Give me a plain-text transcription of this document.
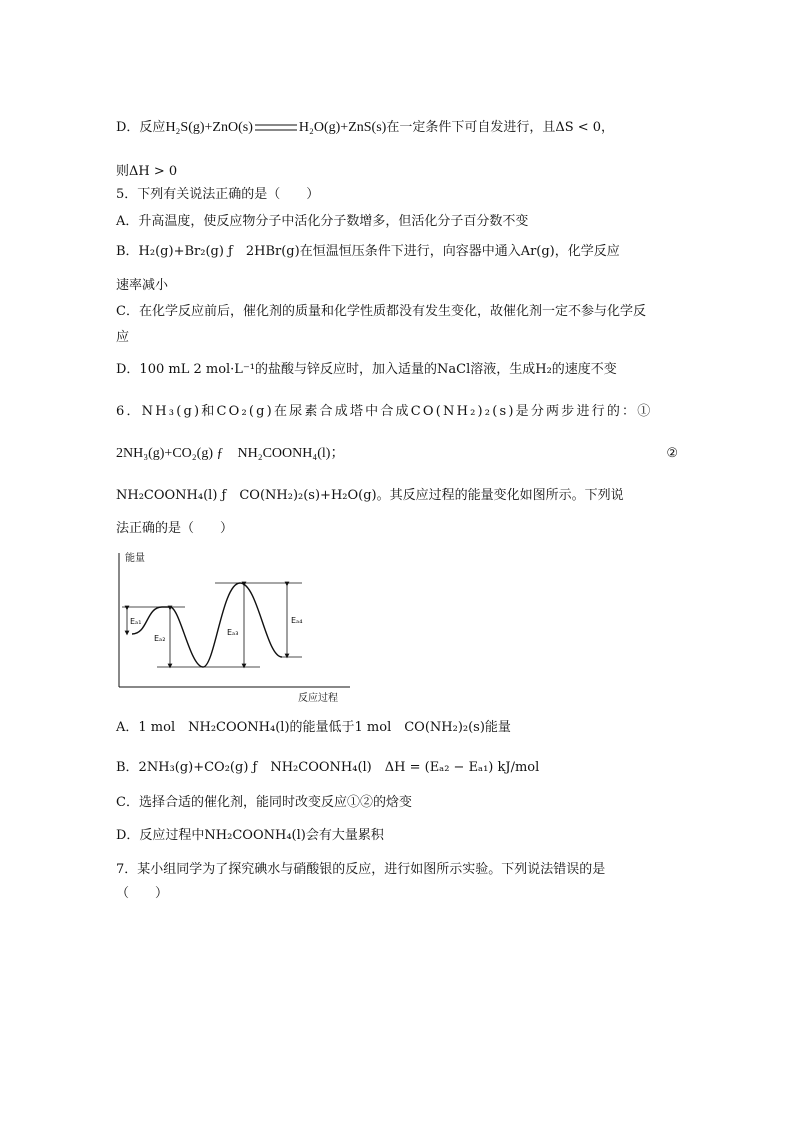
D．反应H₂S(g)+ZnO(s)	H₂O(g)+ZnS(s)在一定条件下可自发进行，且ΔS < 0，
则ΔH > 0
5．下列有关说法正确的是（　　）
A．升高温度，使反应物分子中活化分子数增多，但活化分子百分数不变
B．H₂(g)+Br₂(g) ƒ　2HBr(g)在恒温恒压条件下进行，向容器中通入Ar(g)，化学反应
速率减小
C．在化学反应前后，催化剂的质量和化学性质都没有发生变化，故催化剂一定不参与化学反
应
D．100 mL 2 mol·L⁻¹的盐酸与锌反应时，加入适量的NaCl溶液，生成H₂的速度不变
6．NH₃(g)和CO₂(g)在尿素合成塔中合成CO(NH₂)₂(s)是分两步进行的：①
2NH₃(g)+CO₂(g) ƒ　NH₂COONH₄(l)；	②
NH₂COONH₄(l) ƒ　CO(NH₂)₂(s)+H₂O(g)。其反应过程的能量变化如图所示。下列说
法正确的是（　　）
能量
反应过程
Eₐ₁
Eₐ₂
Eₐ₃
Eₐ₄
A．1 mol　NH₂COONH₄(l)的能量低于1 mol　CO(NH₂)₂(s)能量
B．2NH₃(g)+CO₂(g) ƒ　NH₂COONH₄(l)　ΔH = (Eₐ₂ − Eₐ₁) kJ/mol
C．选择合适的催化剂，能同时改变反应①②的焓变
D．反应过程中NH₂COONH₄(l)会有大量累积
7．某小组同学为了探究碘水与硝酸银的反应，进行如图所示实验。下列说法错误的是
（　　）
